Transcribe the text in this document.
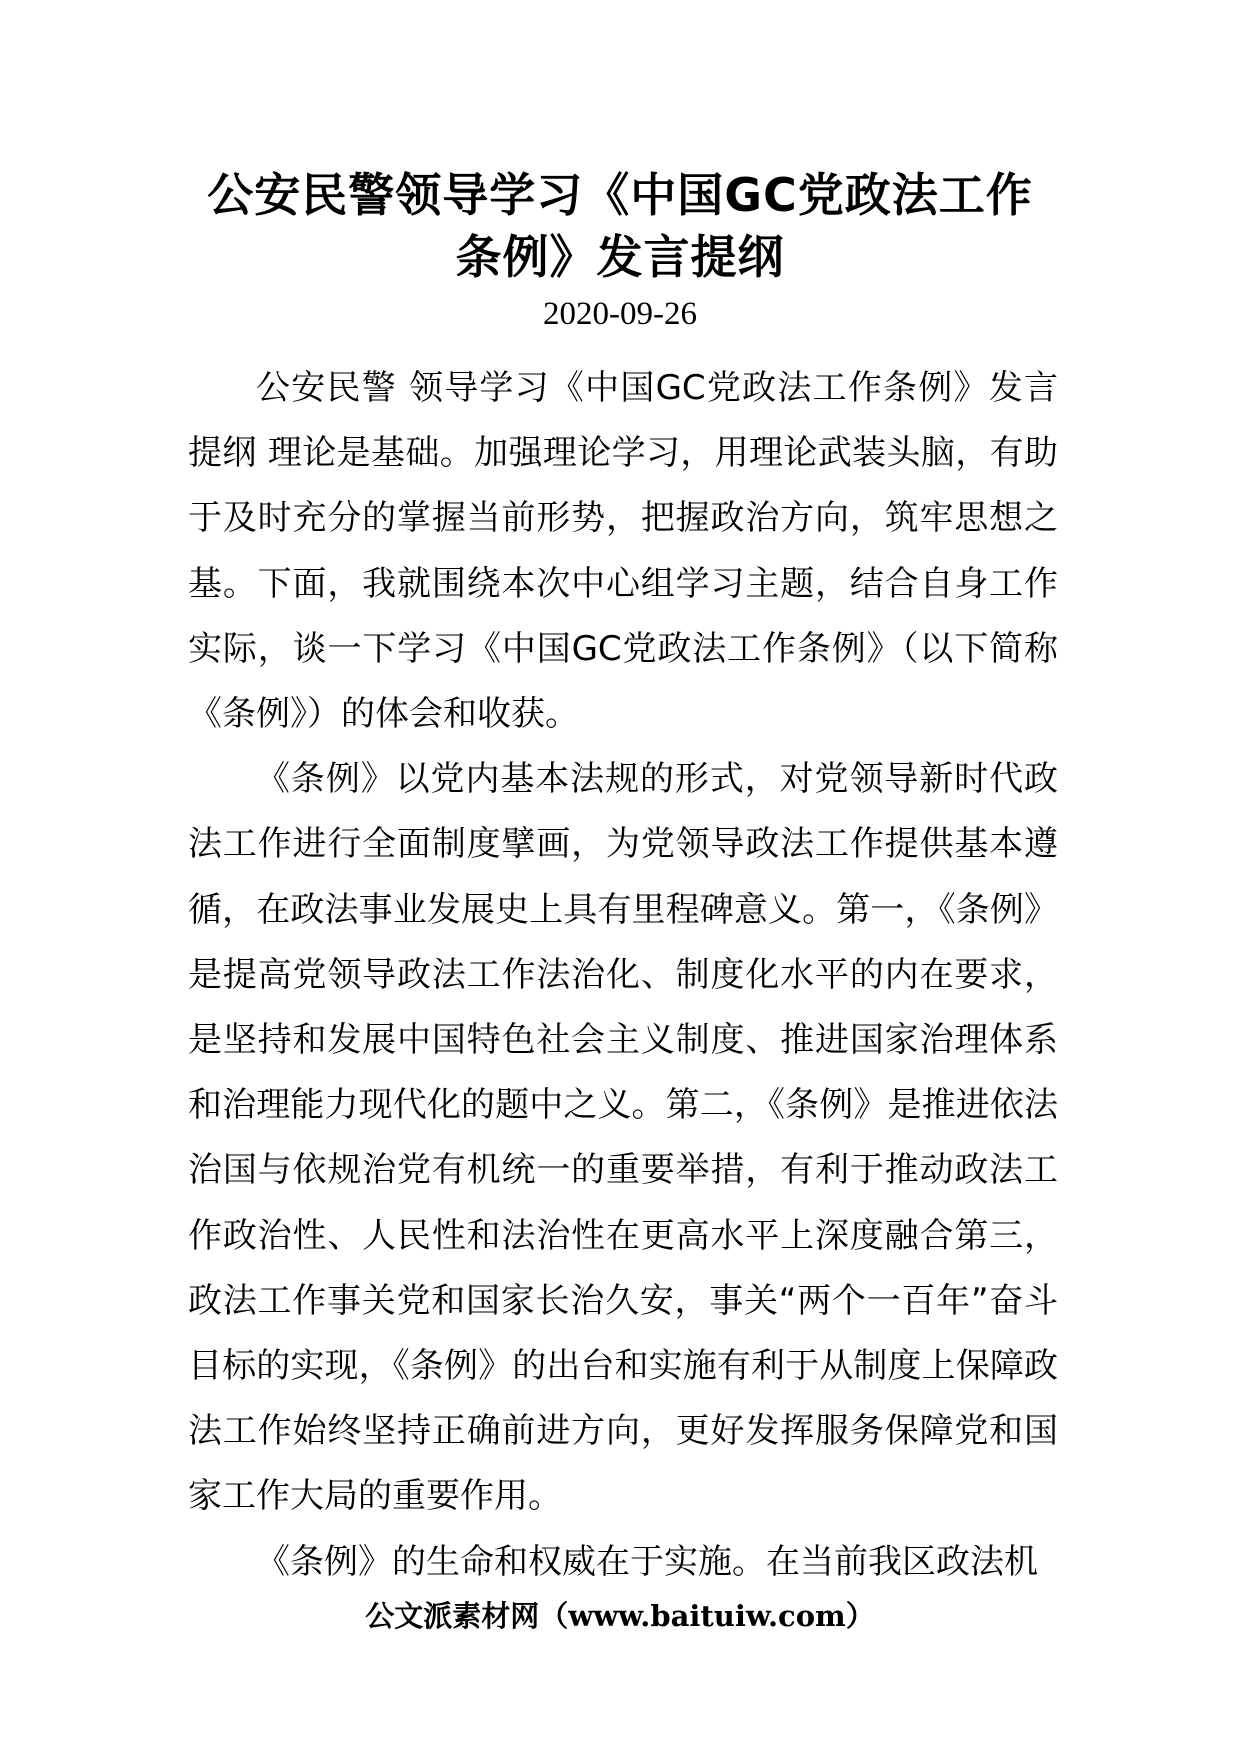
公安民警领导学习《中国GC党政法工作
条例》发言提纲
2020-09-26

公安民警 领导学习《中国GC党政法工作条例》发言提纲 理论是基础。加强理论学习，用理论武装头脑，有助于及时充分的掌握当前形势，把握政治方向，筑牢思想之基。下面，我就围绕本次中心组学习主题，结合自身工作实际，谈一下学习《中国GC党政法工作条例》（以下简称《条例》）的体会和收获。

《条例》以党内基本法规的形式，对党领导新时代政法工作进行全面制度擘画，为党领导政法工作提供基本遵循，在政法事业发展史上具有里程碑意义。第一，《条例》是提高党领导政法工作法治化、制度化水平的内在要求，是坚持和发展中国特色社会主义制度、推进国家治理体系和治理能力现代化的题中之义。第二，《条例》是推进依法治国与依规治党有机统一的重要举措，有利于推动政法工作政治性、人民性和法治性在更高水平上深度融合第三，政法工作事关党和国家长治久安，事关“两个一百年”奋斗目标的实现，《条例》的出台和实施有利于从制度上保障政法工作始终坚持正确前进方向，更好发挥服务保障党和国家工作大局的重要作用。

《条例》的生命和权威在于实施。在当前我区政法机

公文派素材网（www.baituiw.com）
